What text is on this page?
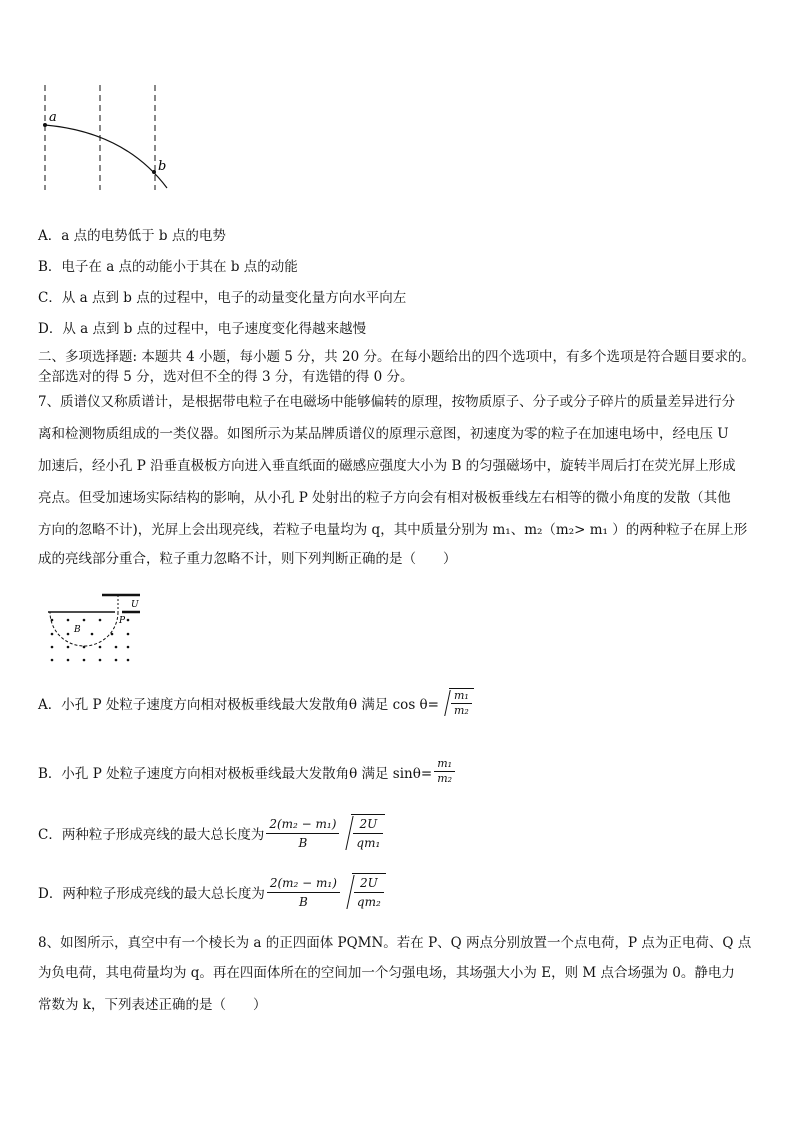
a
b
A．a 点的电势低于 b 点的电势
B．电子在 a 点的动能小于其在 b 点的动能
C．从 a 点到 b 点的过程中，电子的动量变化量方向水平向左
D．从 a 点到 b 点的过程中，电子速度变化得越来越慢
二、多项选择题: 本题共 4 小题，每小题 5 分，共 20 分。在每小题给出的四个选项中，有多个选项是符合题目要求的。
全部选对的得 5 分，选对但不全的得 3 分，有选错的得 0 分。
7、质谱仪又称质谱计，是根据带电粒子在电磁场中能够偏转的原理，按物质原子、分子或分子碎片的质量差异进行分
离和检测物质组成的一类仪器。如图所示为某品牌质谱仪的原理示意图，初速度为零的粒子在加速电场中，经电压 U
加速后，经小孔 P 沿垂直极板方向进入垂直纸面的磁感应强度大小为 B 的匀强磁场中，旋转半周后打在荧光屏上形成
亮点。但受加速场实际结构的影响，从小孔 P 处射出的粒子方向会有相对极板垂线左右相等的微小角度的发散（其他
方向的忽略不计)，光屏上会出现亮线，若粒子电量均为 q，其中质量分别为 m₁、m₂（m₂> m₁ ）的两种粒子在屏上形
成的亮线部分重合，粒子重力忽略不计，则下列判断正确的是（　　）
U
P
B
A．小孔 P 处粒子速度方向相对极板垂线最大发散角θ 满足 $\cos \theta= \frac{\text{m₁}}{\text{m₂}}$
B．小孔 P 处粒子速度方向相对极板垂线最大发散角θ 满足 $\sin\theta= \frac{\text{m₁}}{\text{m₂}}$
C．两种粒子形成亮线的最大总长度为 $\frac{\text{2(m₂ − m₁)}}{B} \frac{2U}{\text{qm₁}}$
D．两种粒子形成亮线的最大总长度为 $\frac{\text{2(m₂ − m₁)}}{B} \frac{2U}{\text{qm₂}}$
8、如图所示，真空中有一个棱长为 a 的正四面体 PQMN。若在 P、Q 两点分别放置一个点电荷，P 点为正电荷、Q 点
为负电荷，其电荷量均为 q。再在四面体所在的空间加一个匀强电场，其场强大小为 E，则 M 点合场强为 0。静电力
常数为 k，下列表述正确的是（　　）
